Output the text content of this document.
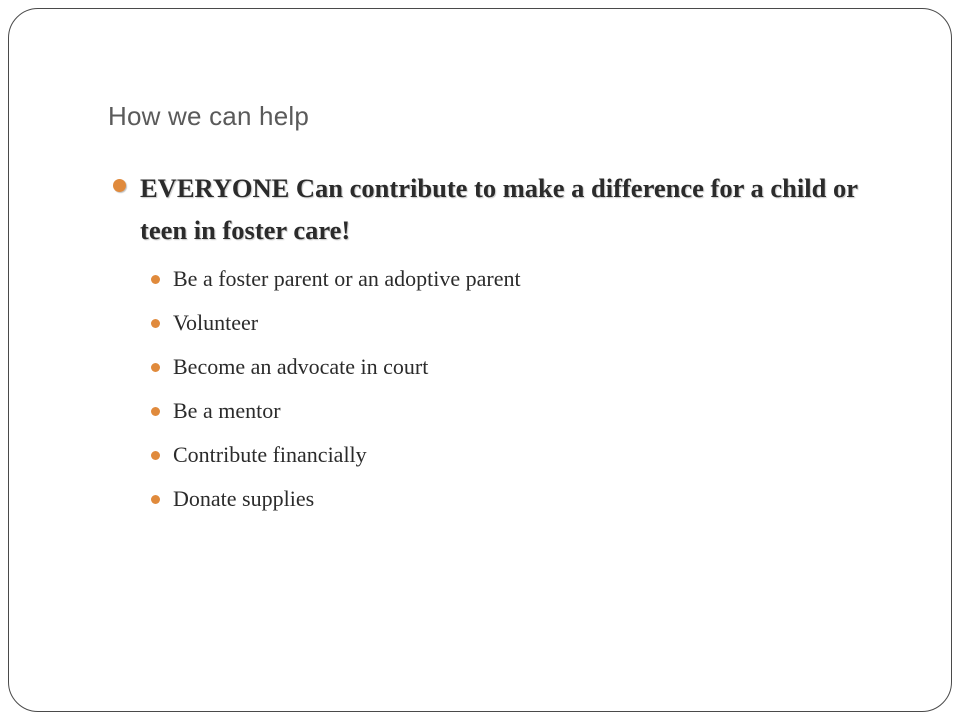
How we can help
EVERYONE Can contribute to make a difference for a child or teen in foster care!
Be a foster parent or an adoptive parent
Volunteer
Become an advocate in court
Be a mentor
Contribute financially
Donate supplies
